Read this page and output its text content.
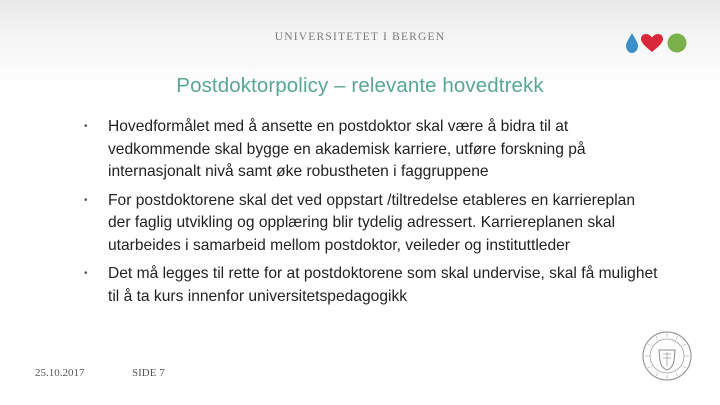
UNIVERSITETET I BERGEN
Postdoktorpolicy – relevante hovedtrekk
• Hovedformålet med å ansette en postdoktor skal være å bidra til at vedkommende skal bygge en akademisk karriere, utføre forskning på internasjonalt nivå samt øke robustheten i faggruppene
• For postdoktorene skal det ved oppstart /tiltredelse etableres en karriereplan der faglig utvikling og opplæring blir tydelig adressert. Karriereplanen skal utarbeides i samarbeid mellom postdoktor, veileder og instituttleder
• Det må legges til rette for at postdoktorene som skal undervise, skal få mulighet til å ta kurs innenfor universitetspedagogikk
25.10.2017	SIDE 7
